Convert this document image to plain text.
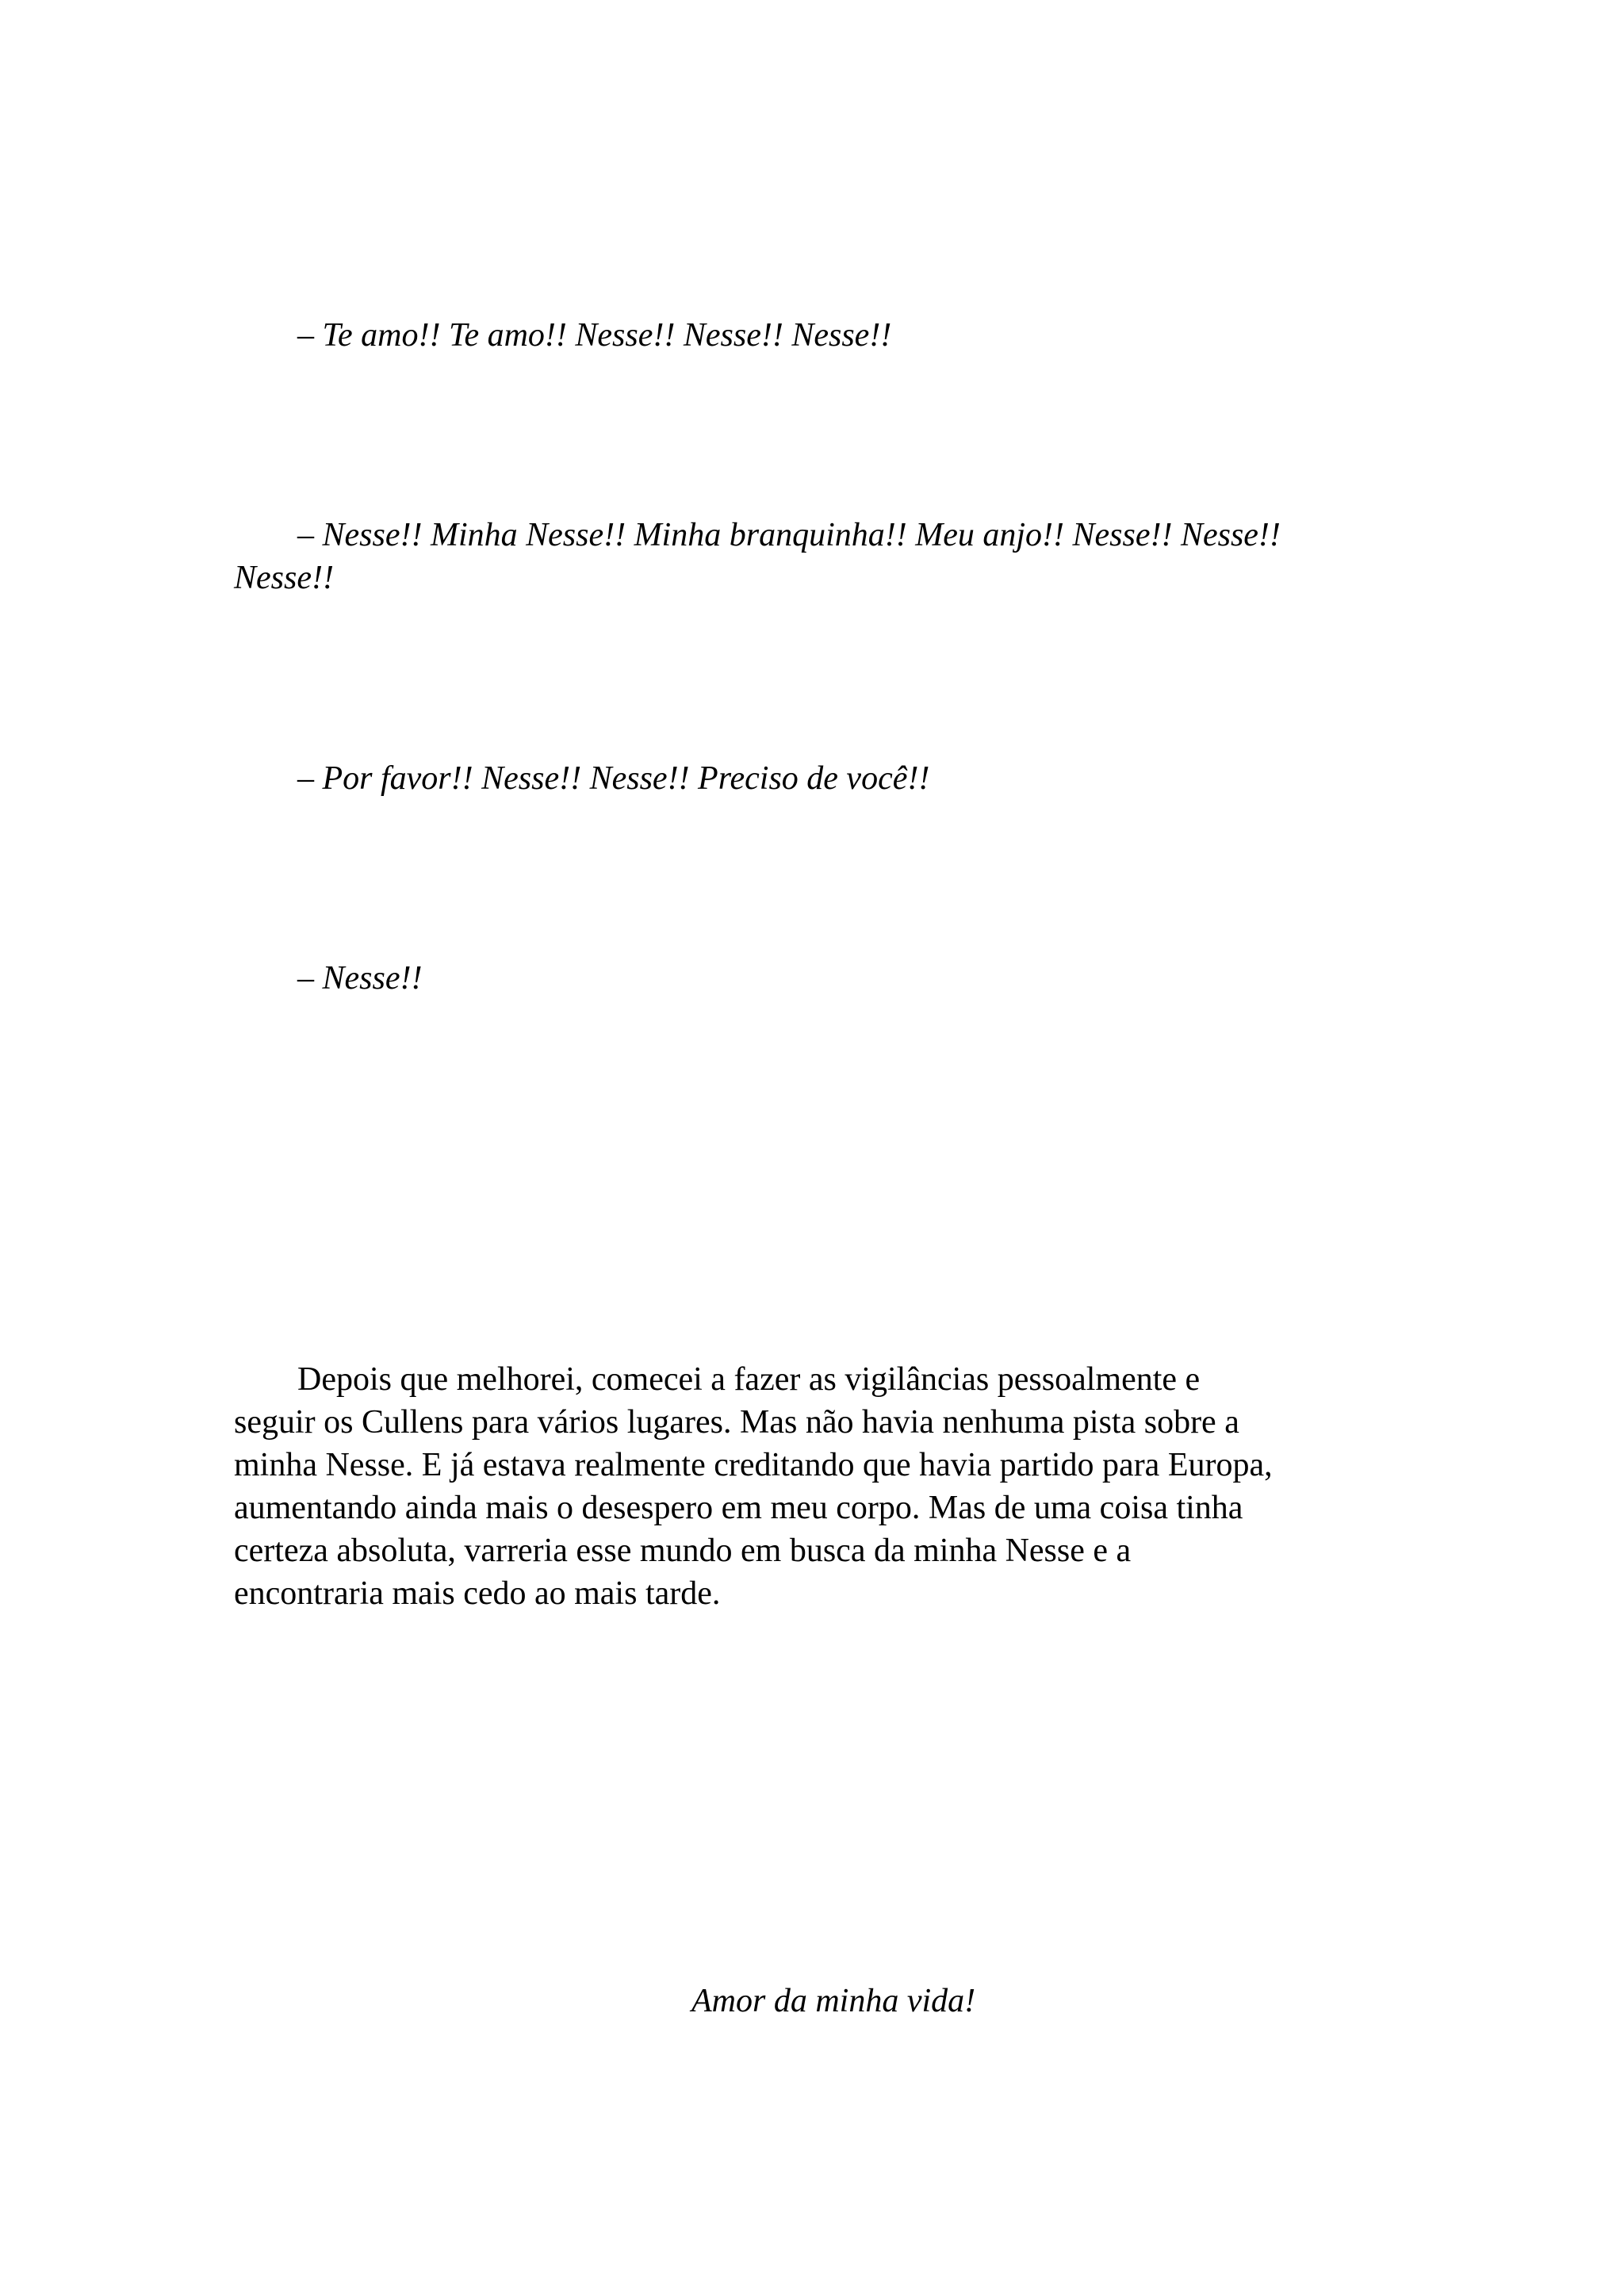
– Te amo!! Te amo!! Nesse!! Nesse!! Nesse!!
– Nesse!! Minha Nesse!! Minha branquinha!! Meu anjo!! Nesse!! Nesse!!
Nesse!!
– Por favor!! Nesse!! Nesse!! Preciso de você!!
– Nesse!!
Depois que melhorei, comecei a fazer as vigilâncias pessoalmente e
seguir os Cullens para vários lugares. Mas não havia nenhuma pista sobre a
minha Nesse. E já estava realmente creditando que havia partido para Europa,
aumentando ainda mais o desespero em meu corpo. Mas de uma coisa tinha
certeza absoluta, varreria esse mundo em busca da minha Nesse e a
encontraria mais cedo ao mais tarde.
Amor da minha vida!
